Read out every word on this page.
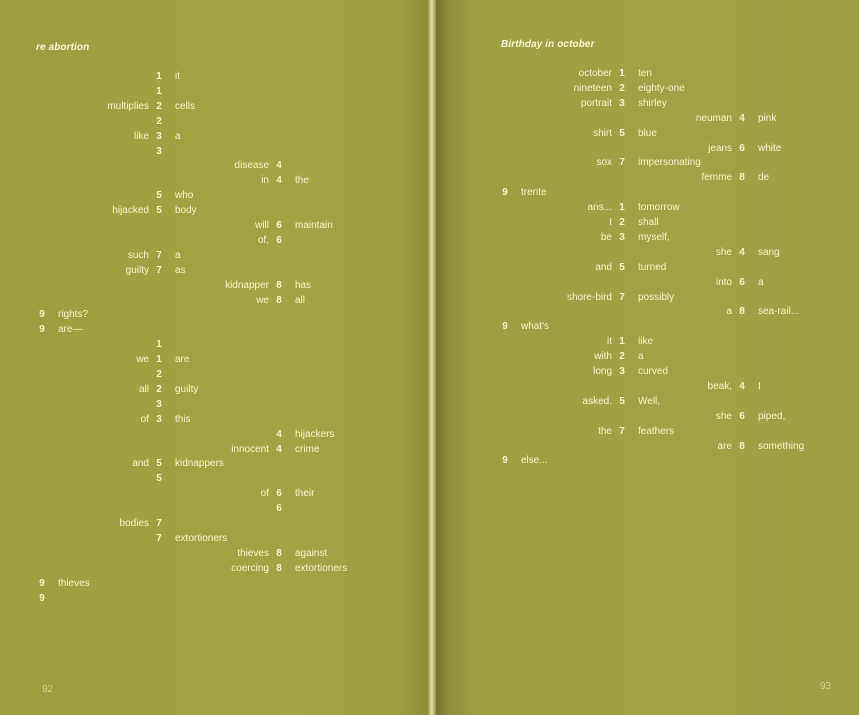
re abortion
1	it
1
multiplies 2	cells
2
like 3	a
3
disease 4
in 4	the
5	who
hijacked 5	body
will 6	maintain
of, 6
such 7	a
guilty 7	as
kidnapper 8	has
we 8	all
9	rights?
9	are—
1
we 1	are
2
all 2	guilty
3
of 3	this
4	hijackers
innocent 4	crime
and 5	kidnappers
5
of 6	their
6
bodies 7
7	extortioners
thieves 8	against
coercing 8	extortioners
9	thieves
9
92
Birthday in october
october 1	ten
nineteen 2	eighty-one
portrait 3	shirley
neuman 4	pink
shirt 5	blue
jeans 6	white
sox 7	impersonating
femme 8	de
9	trente
ans... 1	tomorrow
I 2	shall
be 3	myself,
she 4	sang
and 5	turned
into 6	a
shore-bird 7	possibly
a 8	sea-rail...
9	what's
it 1	like
with 2	a
long 3	curved
beak, 4	I
asked. 5	Well,
she 6	piped,
the 7	feathers
are 8	something
9	else...
93
